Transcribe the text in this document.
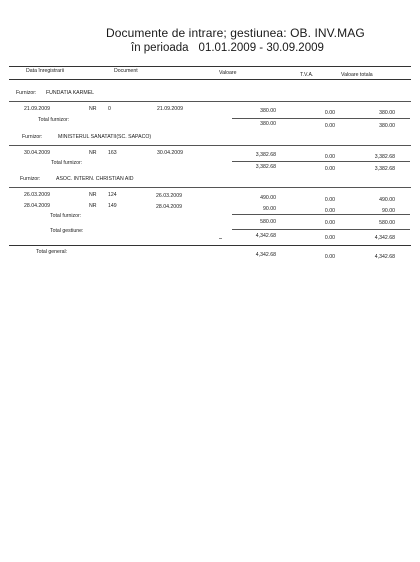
Documente de intrare; gestiunea: OB. INV.MAG
în perioada 01.01.2009 - 30.09.2009
Data înregistrarii	Document	Valoare	T.V.A.	Valoare totala
Furnizor: FUNDATIA KARMEL
21.09.2009	NR 0	21.09.2009	380.00	0.00	380.00
Total furnizor:
380.00	0.00	380.00
Furnizor:	MINISTERUL SANATATII(SC. SAPACO)
30.04.2009	NR 163	30.04.2009	3,382.68	0.00	3,382.68
Total furnizor:
3,382.68	0.00	3,382.68
Furnizor:	ASOC. INTERN. CHRISTIAN AID
26.03.2009	NR 124	26.03.2009	490.00	0.00	490.00
28.04.2009	NR 149	28.04.2009	90.00	0.00	90.00
Total furnizor:
580.00	0.00	580.00
Total gestiune:
4,342.68	0.00	4,342.68
Total general:	4,342.68	0.00	4,342.68
